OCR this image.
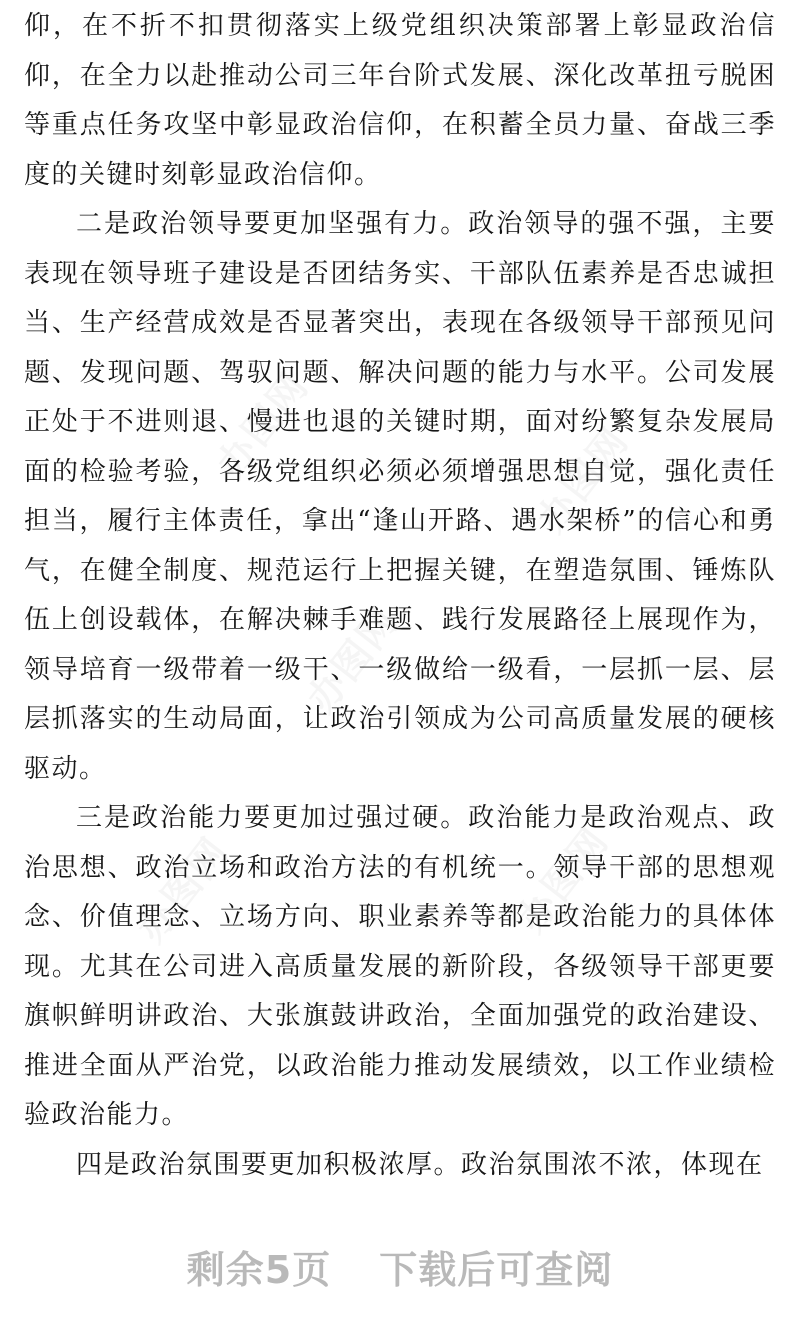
办图网	办图网
办图网
办图网	办图网

仰，在不折不扣贯彻落实上级党组织决策部署上彰显政治信仰，在全力以赴推动公司三年台阶式发展、深化改革扭亏脱困等重点任务攻坚中彰显政治信仰，在积蓄全员力量、奋战三季度的关键时刻彰显政治信仰。

二是政治领导要更加坚强有力。政治领导的强不强，主要表现在领导班子建设是否团结务实、干部队伍素养是否忠诚担当、生产经营成效是否显著突出，表现在各级领导干部预见问题、发现问题、驾驭问题、解决问题的能力与水平。公司发展正处于不进则退、慢进也退的关键时期，面对纷繁复杂发展局面的检验考验，各级党组织必须必须增强思想自觉，强化责任担当，履行主体责任，拿出“逢山开路、遇水架桥”的信心和勇气，在健全制度、规范运行上把握关键，在塑造氛围、锤炼队伍上创设载体，在解决棘手难题、践行发展路径上展现作为，领导培育一级带着一级干、一级做给一级看，一层抓一层、层层抓落实的生动局面，让政治引领成为公司高质量发展的硬核驱动。

三是政治能力要更加过强过硬。政治能力是政治观点、政治思想、政治立场和政治方法的有机统一。领导干部的思想观念、价值理念、立场方向、职业素养等都是政治能力的具体体现。尤其在公司进入高质量发展的新阶段，各级领导干部更要旗帜鲜明讲政治、大张旗鼓讲政治，全面加强党的政治建设、推进全面从严治党，以政治能力推动发展绩效，以工作业绩检验政治能力。

四是政治氛围要更加积极浓厚。政治氛围浓不浓，体现在

剩余5页 下载后可查阅
